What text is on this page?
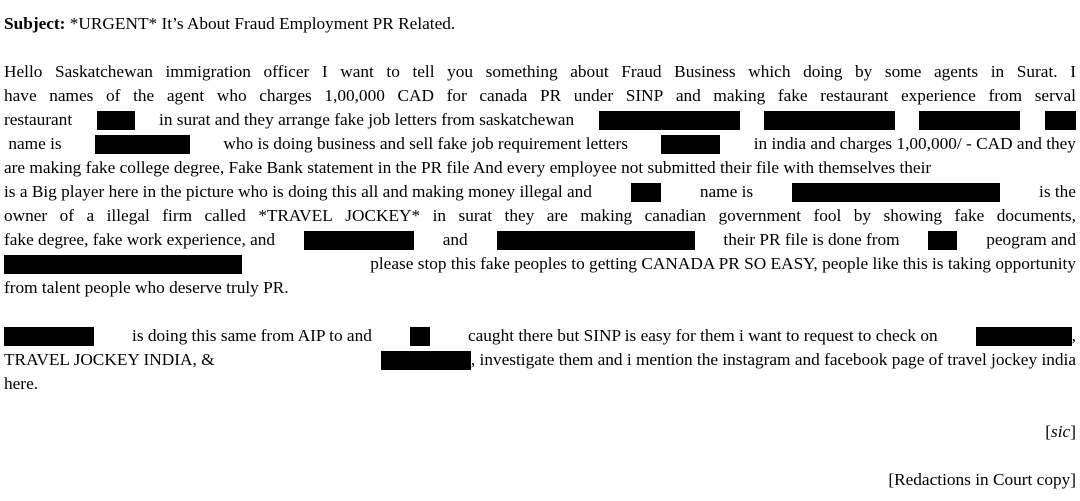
Subject: *URGENT* It’s About Fraud Employment PR Related.
Hello Saskatchewan immigration officer I want to tell you something about Fraud Business which doing by some agents in Surat. I
have names of the agent who charges 1,00,000 CAD for canada PR under SINP and making fake restaurant experience from serval
restaurant	in surat and they arrange fake job letters from saskatchewan
name is	who is doing business and sell fake job requirement letters	in india and charges 1,00,000/ - CAD and they
are making fake college degree, Fake Bank statement in the PR file And every employee not submitted their file with themselves their
is a Big player here in the picture who is doing this all and making money illegal and	name is	is the
owner of a illegal firm called *TRAVEL JOCKEY* in surat they are making canadian government fool by showing fake documents,
fake degree, fake work experience, and	and	their PR file is done from	peogram and
please stop this fake peoples to getting CANADA PR SO EASY, people like this is taking opportunity
from talent people who deserve truly PR.
is doing this same from AIP to and	caught there but SINP is easy for them i want to request to check on	,
TRAVEL JOCKEY INDIA, &	, investigate them and i mention the instagram and facebook page of travel jockey india
here.
[sic]
[Redactions in Court copy]
